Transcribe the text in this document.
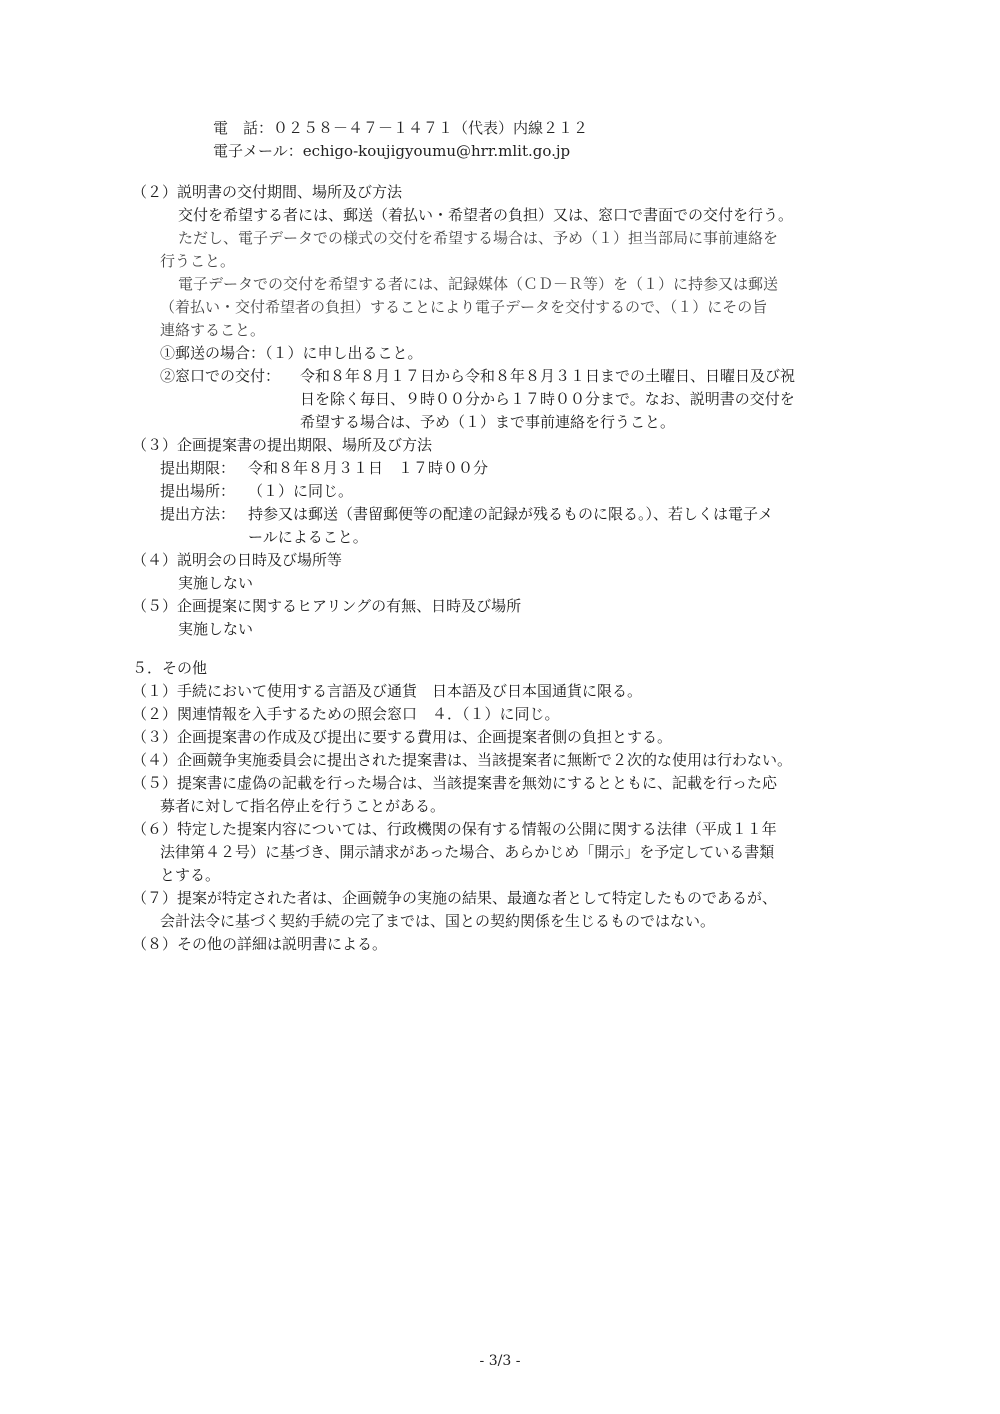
電　話：０２５８－４７－１４７１（代表）内線２１２
電子メール：echigo-koujigyoumu@hrr.mlit.go.jp
（２）説明書の交付期間、場所及び方法
交付を希望する者には、郵送（着払い・希望者の負担）又は、窓口で書面での交付を行う。
ただし、電子データでの様式の交付を希望する場合は、予め（１）担当部局に事前連絡を
行うこと。
電子データでの交付を希望する者には、記録媒体（ＣＤ－Ｒ等）を（１）に持参又は郵送
（着払い・交付希望者の負担）することにより電子データを交付するので、（１）にその旨
連絡すること。
①郵送の場合：（１）に申し出ること。
②窓口での交付： 令和８年８月１７日から令和８年８月３１日までの土曜日、日曜日及び祝
日を除く毎日、９時００分から１７時００分まで。なお、説明書の交付を
希望する場合は、予め（１）まで事前連絡を行うこと。
（３）企画提案書の提出期限、場所及び方法
提出期限： 令和８年８月３１日　１７時００分
提出場所： （１）に同じ。
提出方法： 持参又は郵送（書留郵便等の配達の記録が残るものに限る。）、若しくは電子メ
ールによること。
（４）説明会の日時及び場所等
実施しない
（５）企画提案に関するヒアリングの有無、日時及び場所
実施しない
５．その他
（１）手続において使用する言語及び通貨　日本語及び日本国通貨に限る。
（２）関連情報を入手するための照会窓口　４．（１）に同じ。
（３）企画提案書の作成及び提出に要する費用は、企画提案者側の負担とする。
（４）企画競争実施委員会に提出された提案書は、当該提案者に無断で２次的な使用は行わない。
（５）提案書に虚偽の記載を行った場合は、当該提案書を無効にするとともに、記載を行った応
募者に対して指名停止を行うことがある。
（６）特定した提案内容については、行政機関の保有する情報の公開に関する法律（平成１１年
法律第４２号）に基づき、開示請求があった場合、あらかじめ「開示」を予定している書類
とする。
（７）提案が特定された者は、企画競争の実施の結果、最適な者として特定したものであるが、
会計法令に基づく契約手続の完了までは、国との契約関係を生じるものではない。
（８）その他の詳細は説明書による。
- 3/3 -
